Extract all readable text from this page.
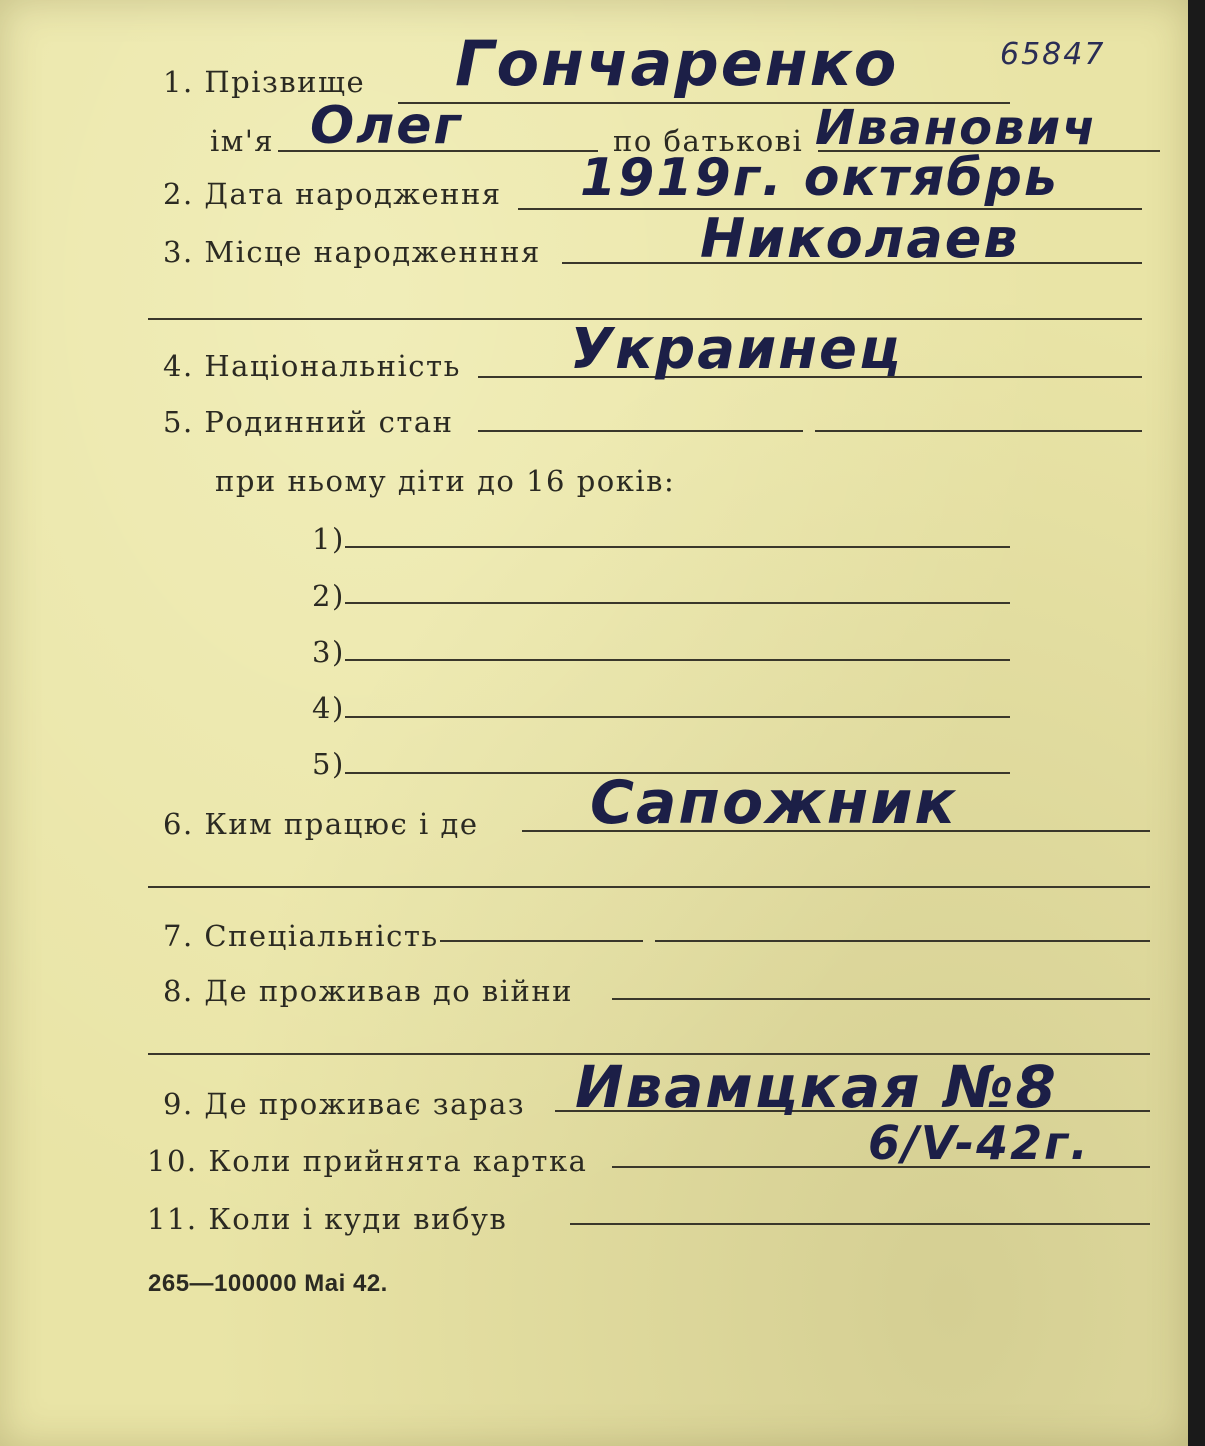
1. Прізвище Гончаренко	65847
ім'я Олег	по батькові Иванович
2. Дата народження 1919г. октябрь
3. Місце народженння	Николаев
4. Національність Украинец
5. Родинний стан
при ньому діти до 16 років:
1)
2)
3)
4)
5)
6. Ким працює і де Сапожник
7. Спеціальність
8. Де проживав до війни
9. Де проживає зараз Ивамцкая №8
10. Коли прийнята картка	6/V-42г.
11. Коли і куди вибув
265—100000 Mai 42.
